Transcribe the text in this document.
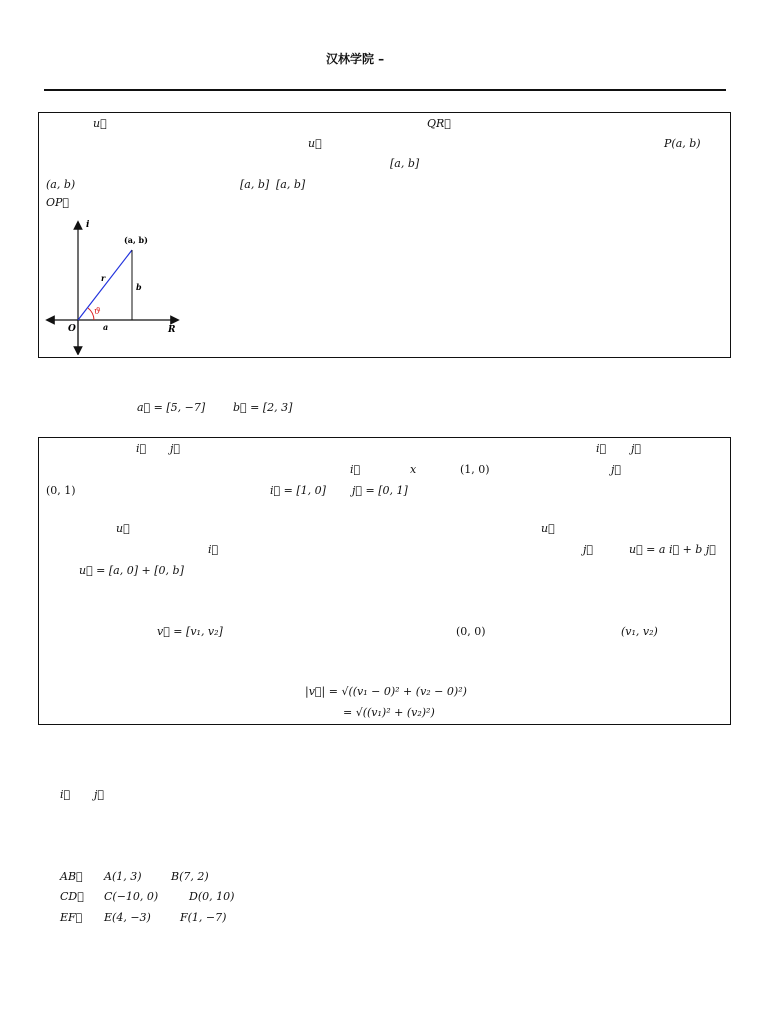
汉林学院 –
u⃗	QR⃗
u⃗	P(a, b)
[a, b]
(a, b)	[a, b] [a, b]
OP⃗
i
R
O
(a, b)
r
b
a
ϑ
a⃗ = [5, −7]	b⃗ = [2, 3]
i⃗ j⃗	i⃗ j⃗
i⃗	x	(1, 0)	j⃗
(0, 1)	i⃗ = [1, 0] j⃗ = [0, 1]
u⃗	u⃗
i⃗	j⃗	u⃗ = a i⃗ + b j⃗
u⃗ = [a, 0] + [0, b]
v⃗ = [v₁, v₂]	(0, 0)	(v₁, v₂)
|v⃗| = √((v₁ − 0)² + (v₂ − 0)²)
= √((v₁)² + (v₂)²)
i⃗ j⃗
AB⃗ A(1, 3)	B(7, 2)
CD⃗ C(−10, 0)	D(0, 10)
EF⃗ E(4, −3)	F(1, −7)
